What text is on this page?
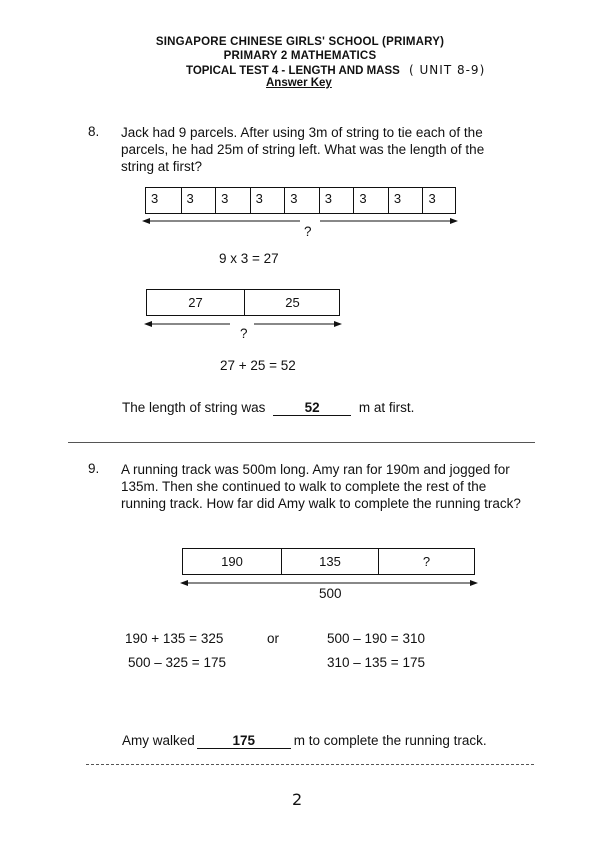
SINGAPORE CHINESE GIRLS' SCHOOL (PRIMARY)
PRIMARY 2 MATHEMATICS
TOPICAL TEST 4 - LENGTH AND MASS ( UNIT 8-9)
Answer Key
8. Jack had 9 parcels. After using 3m of string to tie each of the parcels, he had 25m of string left. What was the length of the string at first?
3	3	3	3	3	3	3	3	3
?
9 x 3 = 27
27	25
?
27 + 25 = 52
The length of string was	52	m at first.
9. A running track was 500m long. Amy ran for 190m and jogged for 135m. Then she continued to walk to complete the rest of the running track. How far did Amy walk to complete the running track?
190	135	?
500
190 + 135 = 325
500 – 325 = 175
or	500 – 190 = 310
310 – 135 = 175
Amy walked	175	m to complete the running track.
2
